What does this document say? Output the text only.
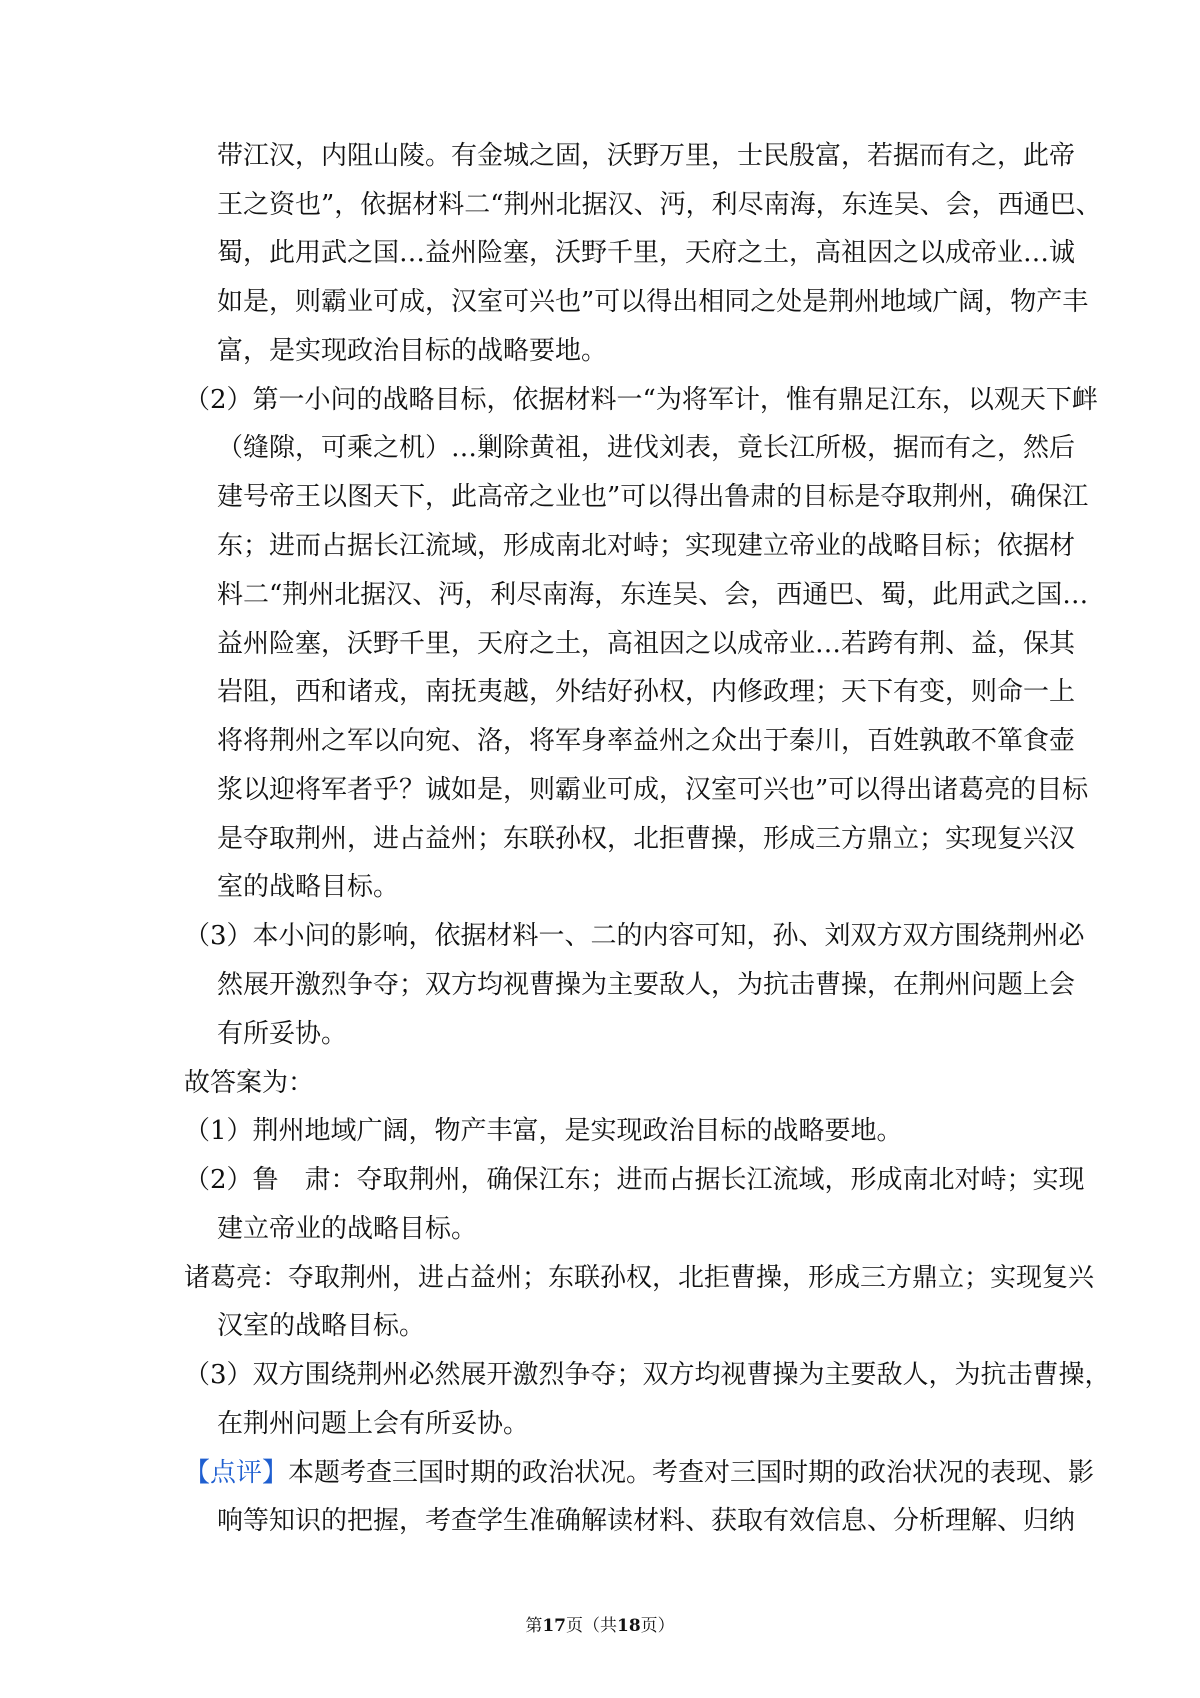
带江汉，内阻山陵。有金城之固，沃野万里，士民殷富，若据而有之，此帝
王之资也”，依据材料二“荆州北据汉、沔，利尽南海，东连吴、会，西通巴、
蜀，此用武之国…益州险塞，沃野千里，天府之土，高祖因之以成帝业…诚
如是，则霸业可成，汉室可兴也”可以得出相同之处是荆州地域广阔，物产丰
富，是实现政治目标的战略要地。
（2）第一小问的战略目标，依据材料一“为将军计，惟有鼎足江东，以观天下衅
（缝隙，可乘之机）…剿除黄祖，进伐刘表，竟长江所极，据而有之，然后
建号帝王以图天下，此高帝之业也”可以得出鲁肃的目标是夺取荆州，确保江
东；进而占据长江流域，形成南北对峙；实现建立帝业的战略目标；依据材
料二“荆州北据汉、沔，利尽南海，东连吴、会，西通巴、蜀，此用武之国…
益州险塞，沃野千里，天府之土，高祖因之以成帝业…若跨有荆、益，保其
岩阻，西和诸戎，南抚夷越，外结好孙权，内修政理；天下有变，则命一上
将将荆州之军以向宛、洛，将军身率益州之众出于秦川，百姓孰敢不箪食壶
浆以迎将军者乎？诚如是，则霸业可成，汉室可兴也”可以得出诸葛亮的目标
是夺取荆州，进占益州；东联孙权，北拒曹操，形成三方鼎立；实现复兴汉
室的战略目标。
（3）本小问的影响，依据材料一、二的内容可知，孙、刘双方双方围绕荆州必
然展开激烈争夺；双方均视曹操为主要敌人，为抗击曹操，在荆州问题上会
有所妥协。
故答案为：
（1）荆州地域广阔，物产丰富，是实现政治目标的战略要地。
（2）鲁　肃：夺取荆州，确保江东；进而占据长江流域，形成南北对峙；实现
建立帝业的战略目标。
诸葛亮：夺取荆州，进占益州；东联孙权，北拒曹操，形成三方鼎立；实现复兴
汉室的战略目标。
（3）双方围绕荆州必然展开激烈争夺；双方均视曹操为主要敌人，为抗击曹操，
在荆州问题上会有所妥协。
【点评】本题考查三国时期的政治状况。考查对三国时期的政治状况的表现、影
响等知识的把握，考查学生准确解读材料、获取有效信息、分析理解、归纳
第17页（共18页）
